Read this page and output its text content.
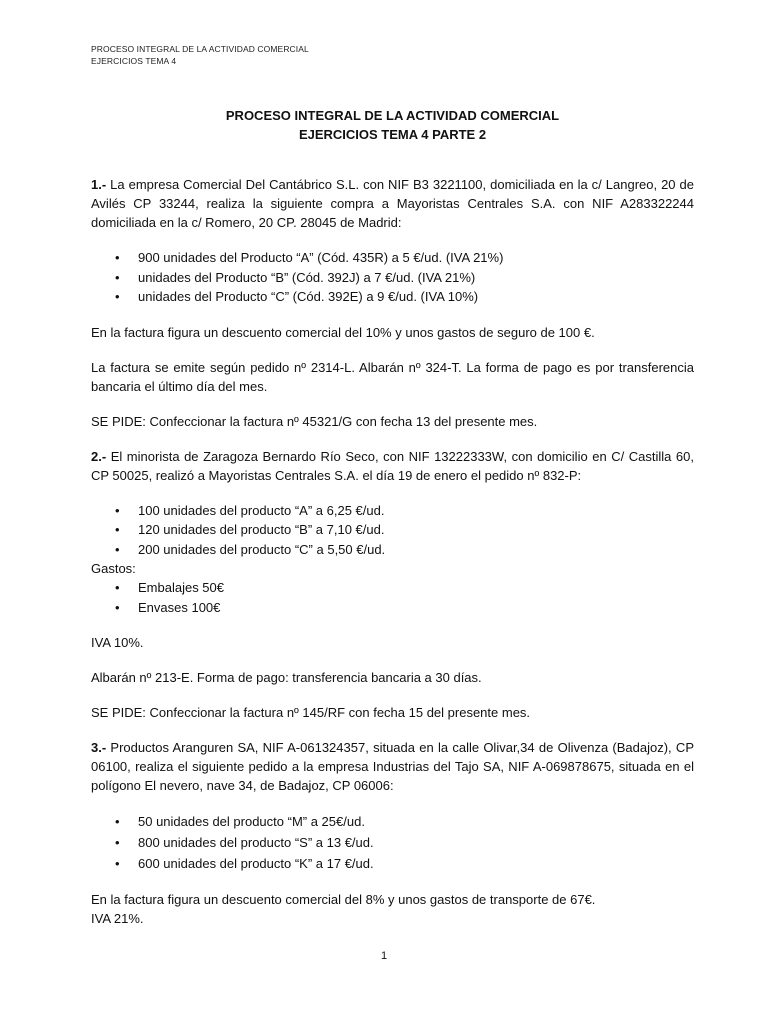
PROCESO INTEGRAL DE LA ACTIVIDAD COMERCIAL
EJERCICIOS TEMA 4
PROCESO INTEGRAL DE LA ACTIVIDAD COMERCIAL
EJERCICIOS TEMA 4 PARTE 2
1.- La empresa Comercial Del Cantábrico S.L. con NIF B3 3221100, domiciliada en la c/ Langreo, 20 de Avilés CP 33244, realiza la siguiente compra a Mayoristas Centrales S.A. con NIF A283322244 domiciliada en la c/ Romero, 20 CP. 28045 de Madrid:
• 900 unidades del Producto “A” (Cód. 435R) a 5 €/ud. (IVA 21%)
• unidades del Producto “B” (Cód. 392J) a 7 €/ud. (IVA 21%)
• unidades del Producto “C” (Cód. 392E) a 9 €/ud. (IVA 10%)
En la factura figura un descuento comercial del 10% y unos gastos de seguro de 100 €.
La factura se emite según pedido nº 2314-L. Albarán nº 324-T. La forma de pago es por transferencia bancaria el último día del mes.
SE PIDE: Confeccionar la factura nº 45321/G con fecha 13 del presente mes.
2.- El minorista de Zaragoza Bernardo Río Seco, con NIF 13222333W, con domicilio en C/ Castilla 60, CP 50025, realizó a Mayoristas Centrales S.A. el día 19 de enero el pedido nº 832-P:
• 100 unidades del producto “A” a 6,25 €/ud.
• 120 unidades del producto “B” a 7,10 €/ud.
• 200 unidades del producto “C” a 5,50 €/ud.
Gastos:
• Embalajes 50€
• Envases 100€
IVA 10%.
Albarán nº 213-E. Forma de pago: transferencia bancaria a 30 días.
SE PIDE: Confeccionar la factura nº 145/RF con fecha 15 del presente mes.
3.- Productos Aranguren SA, NIF A-061324357, situada en la calle Olivar,34 de Olivenza (Badajoz), CP 06100, realiza el siguiente pedido a la empresa Industrias del Tajo SA, NIF A-069878675, situada en el polígono El nevero, nave 34, de Badajoz, CP 06006:
• 50 unidades del producto “M” a 25€/ud.
• 800 unidades del producto “S” a 13 €/ud.
• 600 unidades del producto “K” a 17 €/ud.
En la factura figura un descuento comercial del 8% y unos gastos de transporte de 67€.
IVA 21%.
1
